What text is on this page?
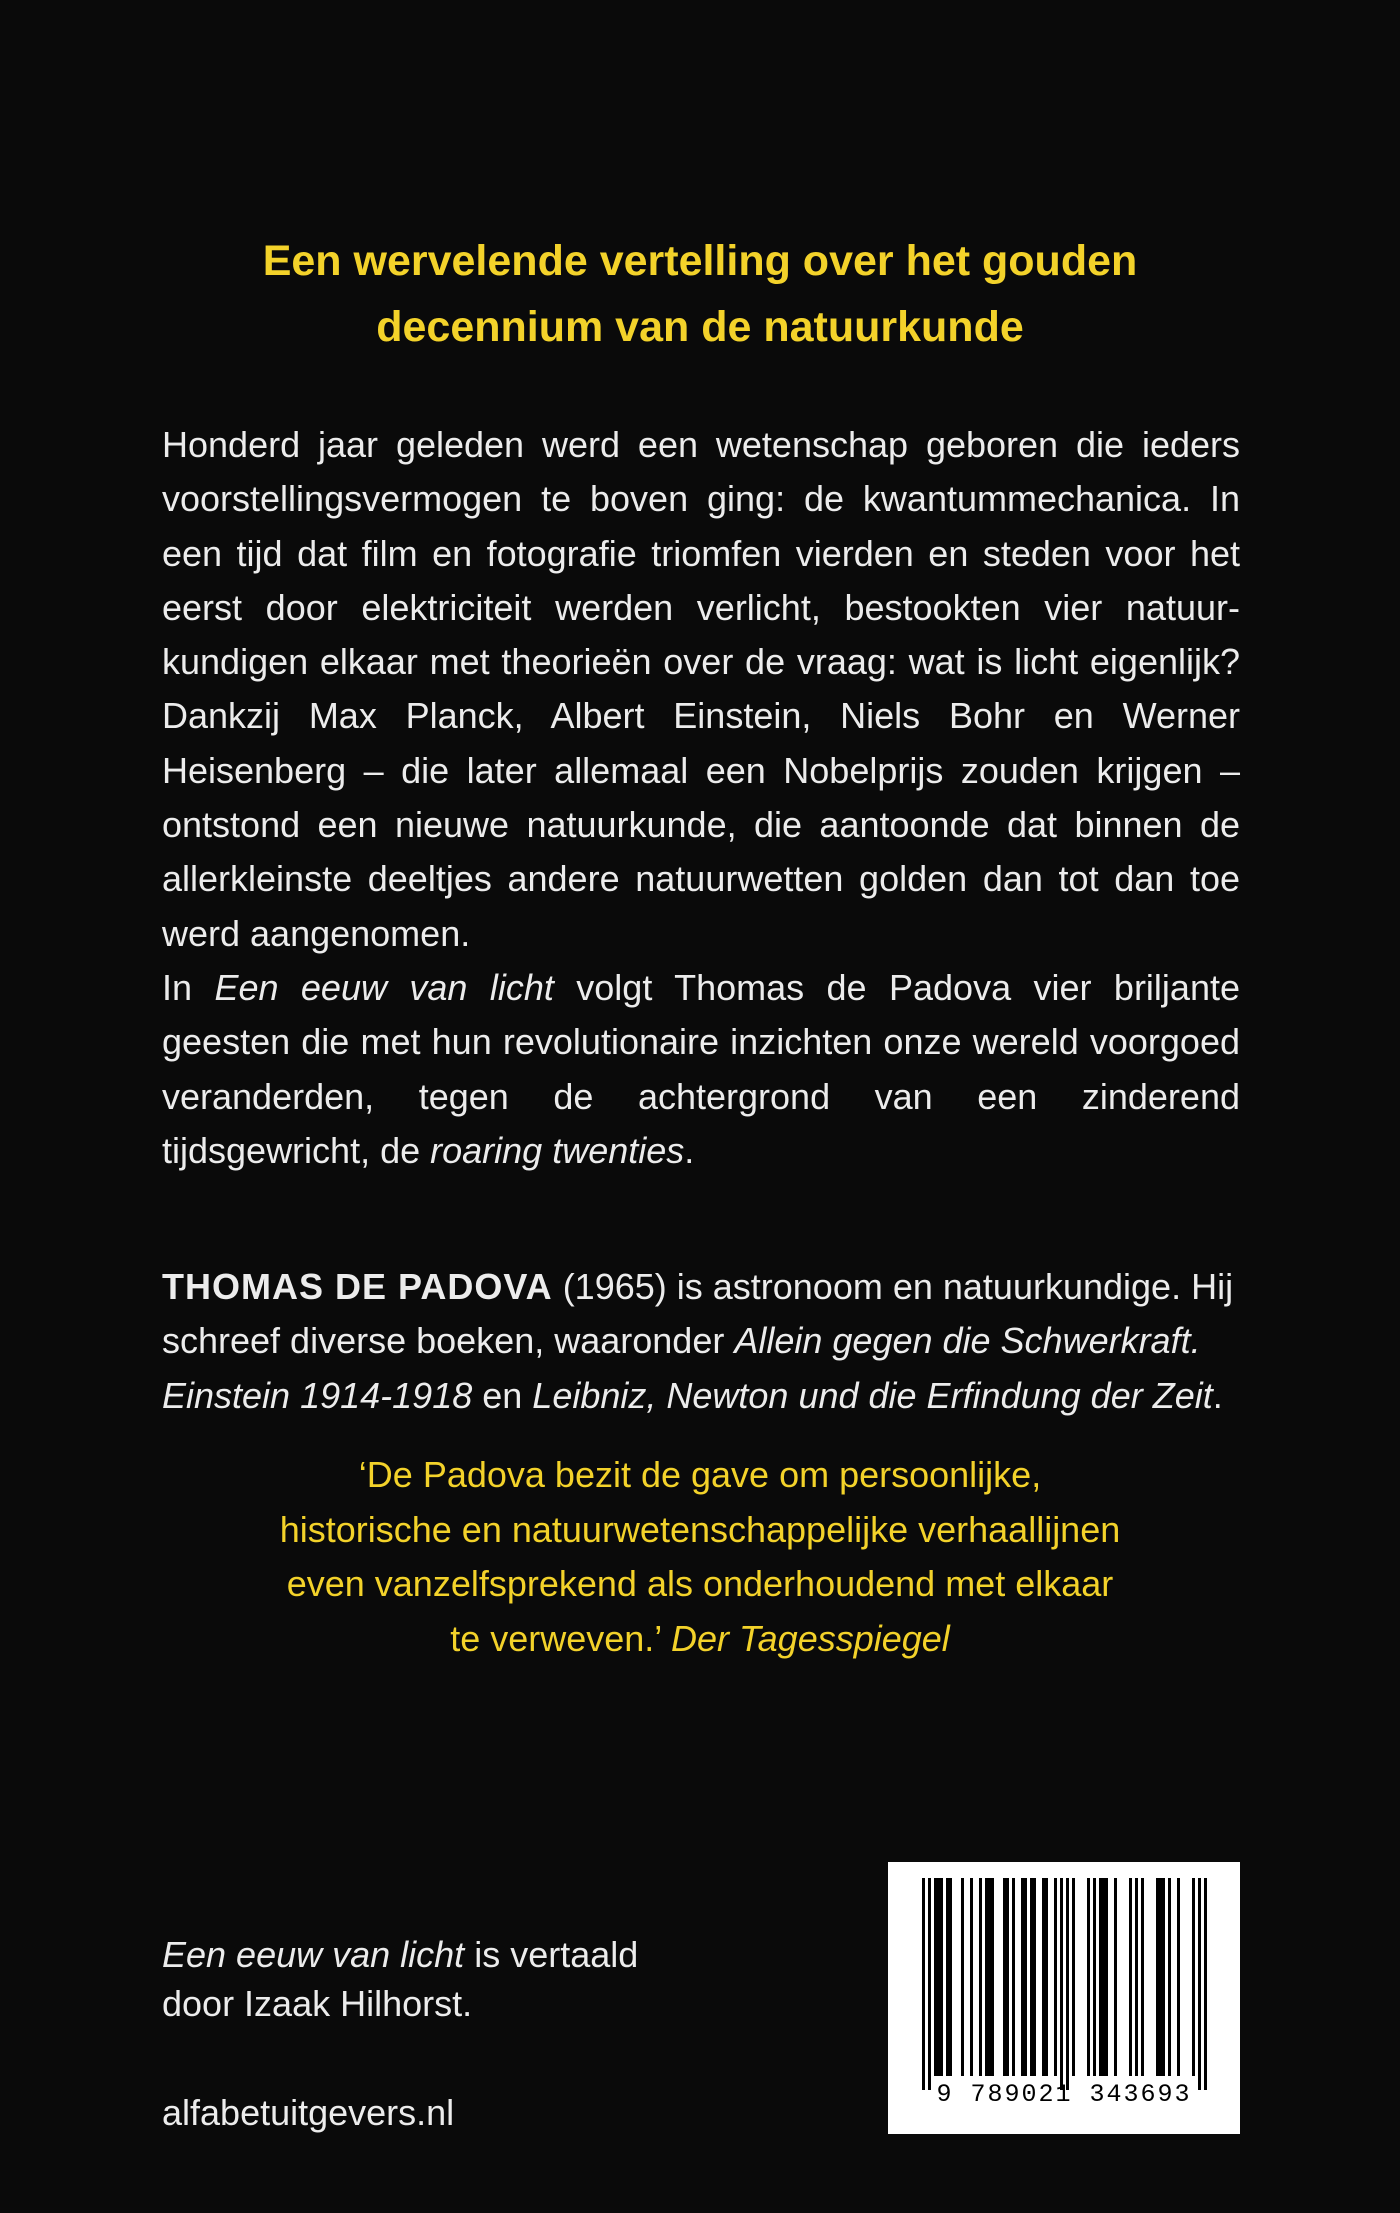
Een wervelende vertelling over het gouden
decennium van de natuurkunde

Honderd jaar geleden werd een wetenschap geboren die ieders voorstellingsvermogen te boven ging: de kwantummechanica. In een tijd dat film en fotografie triomfen vierden en steden voor het eerst door elektriciteit werden verlicht, bestookten vier natuurkundigen elkaar met theorieën over de vraag: wat is licht eigenlijk? Dankzij Max Planck, Albert Einstein, Niels Bohr en Werner Heisenberg – die later allemaal een Nobelprijs zouden krijgen – ontstond een nieuwe natuurkunde, die aantoonde dat binnen de allerkleinste deeltjes andere natuurwetten golden dan tot dan toe werd aangenomen.

In Een eeuw van licht volgt Thomas de Padova vier briljante geesten die met hun revolutionaire inzichten onze wereld voorgoed veranderden, tegen de achtergrond van een zinderend tijdsgewricht, de roaring twenties.

THOMAS DE PADOVA (1965) is astronoom en natuurkundige. Hij schreef diverse boeken, waaronder Allein gegen die Schwerkraft. Einstein 1914-1918 en Leibniz, Newton und die Erfindung der Zeit.

‘De Padova bezit de gave om persoonlijke,
historische en natuurwetenschappelijke verhaallijnen
even vanzelfsprekend als onderhoudend met elkaar
te verweven.’ Der Tagesspiegel
Een eeuw van licht is vertaald
door Izaak Hilhorst.
alfabetuitgevers.nl	9 789021 343693
